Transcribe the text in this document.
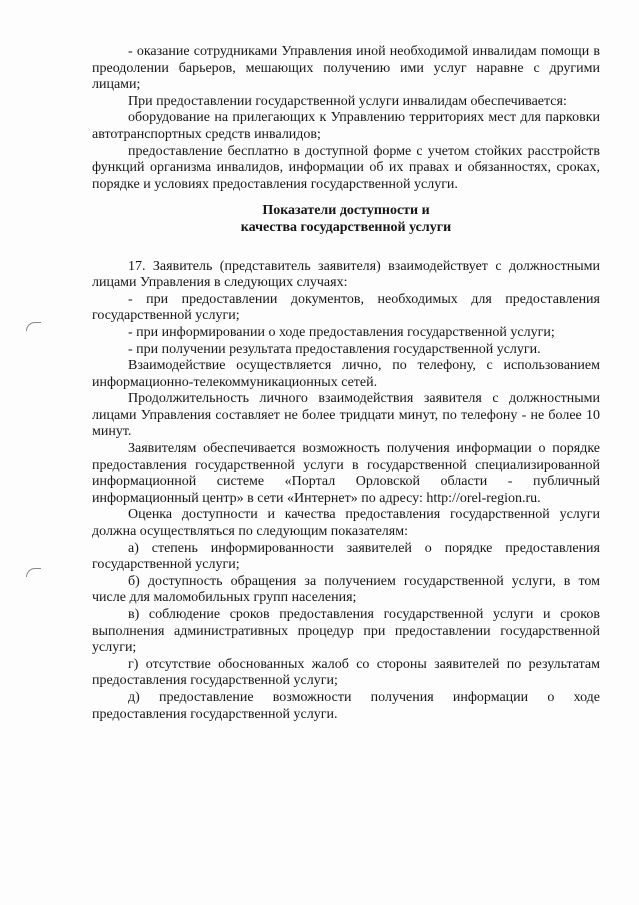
- оказание сотрудниками Управления иной необходимой инвалидам помощи в преодолении барьеров, мешающих получению ими услуг наравне с другими лицами;

При предоставлении государственной услуги инвалидам обеспечивается:

оборудование на прилегающих к Управлению территориях мест для парковки автотранспортных средств инвалидов;

предоставление бесплатно в доступной форме с учетом стойких расстройств функций организма инвалидов, информации об их правах и обязанностях, сроках, порядке и условиях предоставления государственной услуги.

Показатели доступности и
качества государственной услуги

17. Заявитель (представитель заявителя) взаимодействует с должностными лицами Управления в следующих случаях:

- при предоставлении документов, необходимых для предоставления государственной услуги;

- при информировании о ходе предоставления государственной услуги;

- при получении результата предоставления государственной услуги.

Взаимодействие осуществляется лично, по телефону, с использованием информационно-телекоммуникационных сетей.

Продолжительность личного взаимодействия заявителя с должностными лицами Управления составляет не более тридцати минут, по телефону - не более 10 минут.

Заявителям обеспечивается возможность получения информации о порядке предоставления государственной услуги в государственной специализированной информационной системе «Портал Орловской области - публичный информационный центр» в сети «Интернет» по адресу: http://orel-region.ru.

Оценка доступности и качества предоставления государственной услуги должна осуществляться по следующим показателям:

а) степень информированности заявителей о порядке предоставления государственной услуги;

б) доступность обращения за получением государственной услуги, в том числе для маломобильных групп населения;

в) соблюдение сроков предоставления государственной услуги и сроков выполнения административных процедур при предоставлении государственной услуги;

г) отсутствие обоснованных жалоб со стороны заявителей по результатам предоставления государственной услуги;

д) предоставление возможности получения информации о ходе предоставления государственной услуги.
